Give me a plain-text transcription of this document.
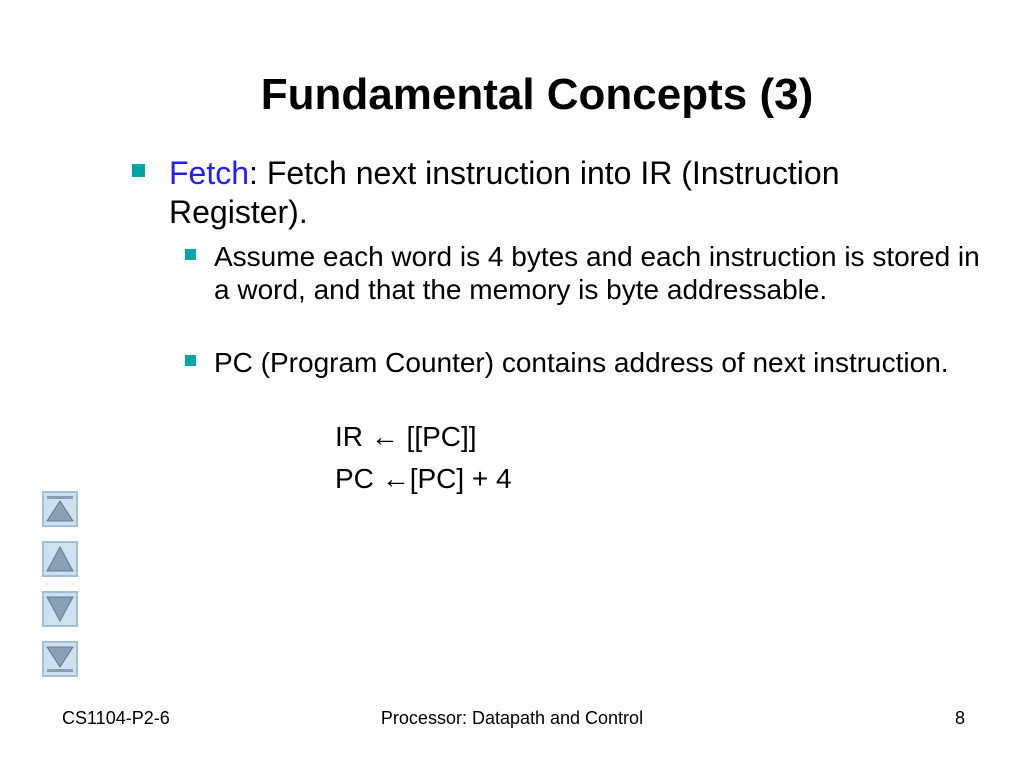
Fundamental Concepts (3)
Fetch: Fetch next instruction into IR (Instruction Register).
Assume each word is 4 bytes and each instruction is stored in a word, and that the memory is byte addressable.
PC (Program Counter) contains address of next instruction.
IR ← [[PC]]
PC ←[PC] + 4
CS1104-P2-6	Processor: Datapath and Control	8
